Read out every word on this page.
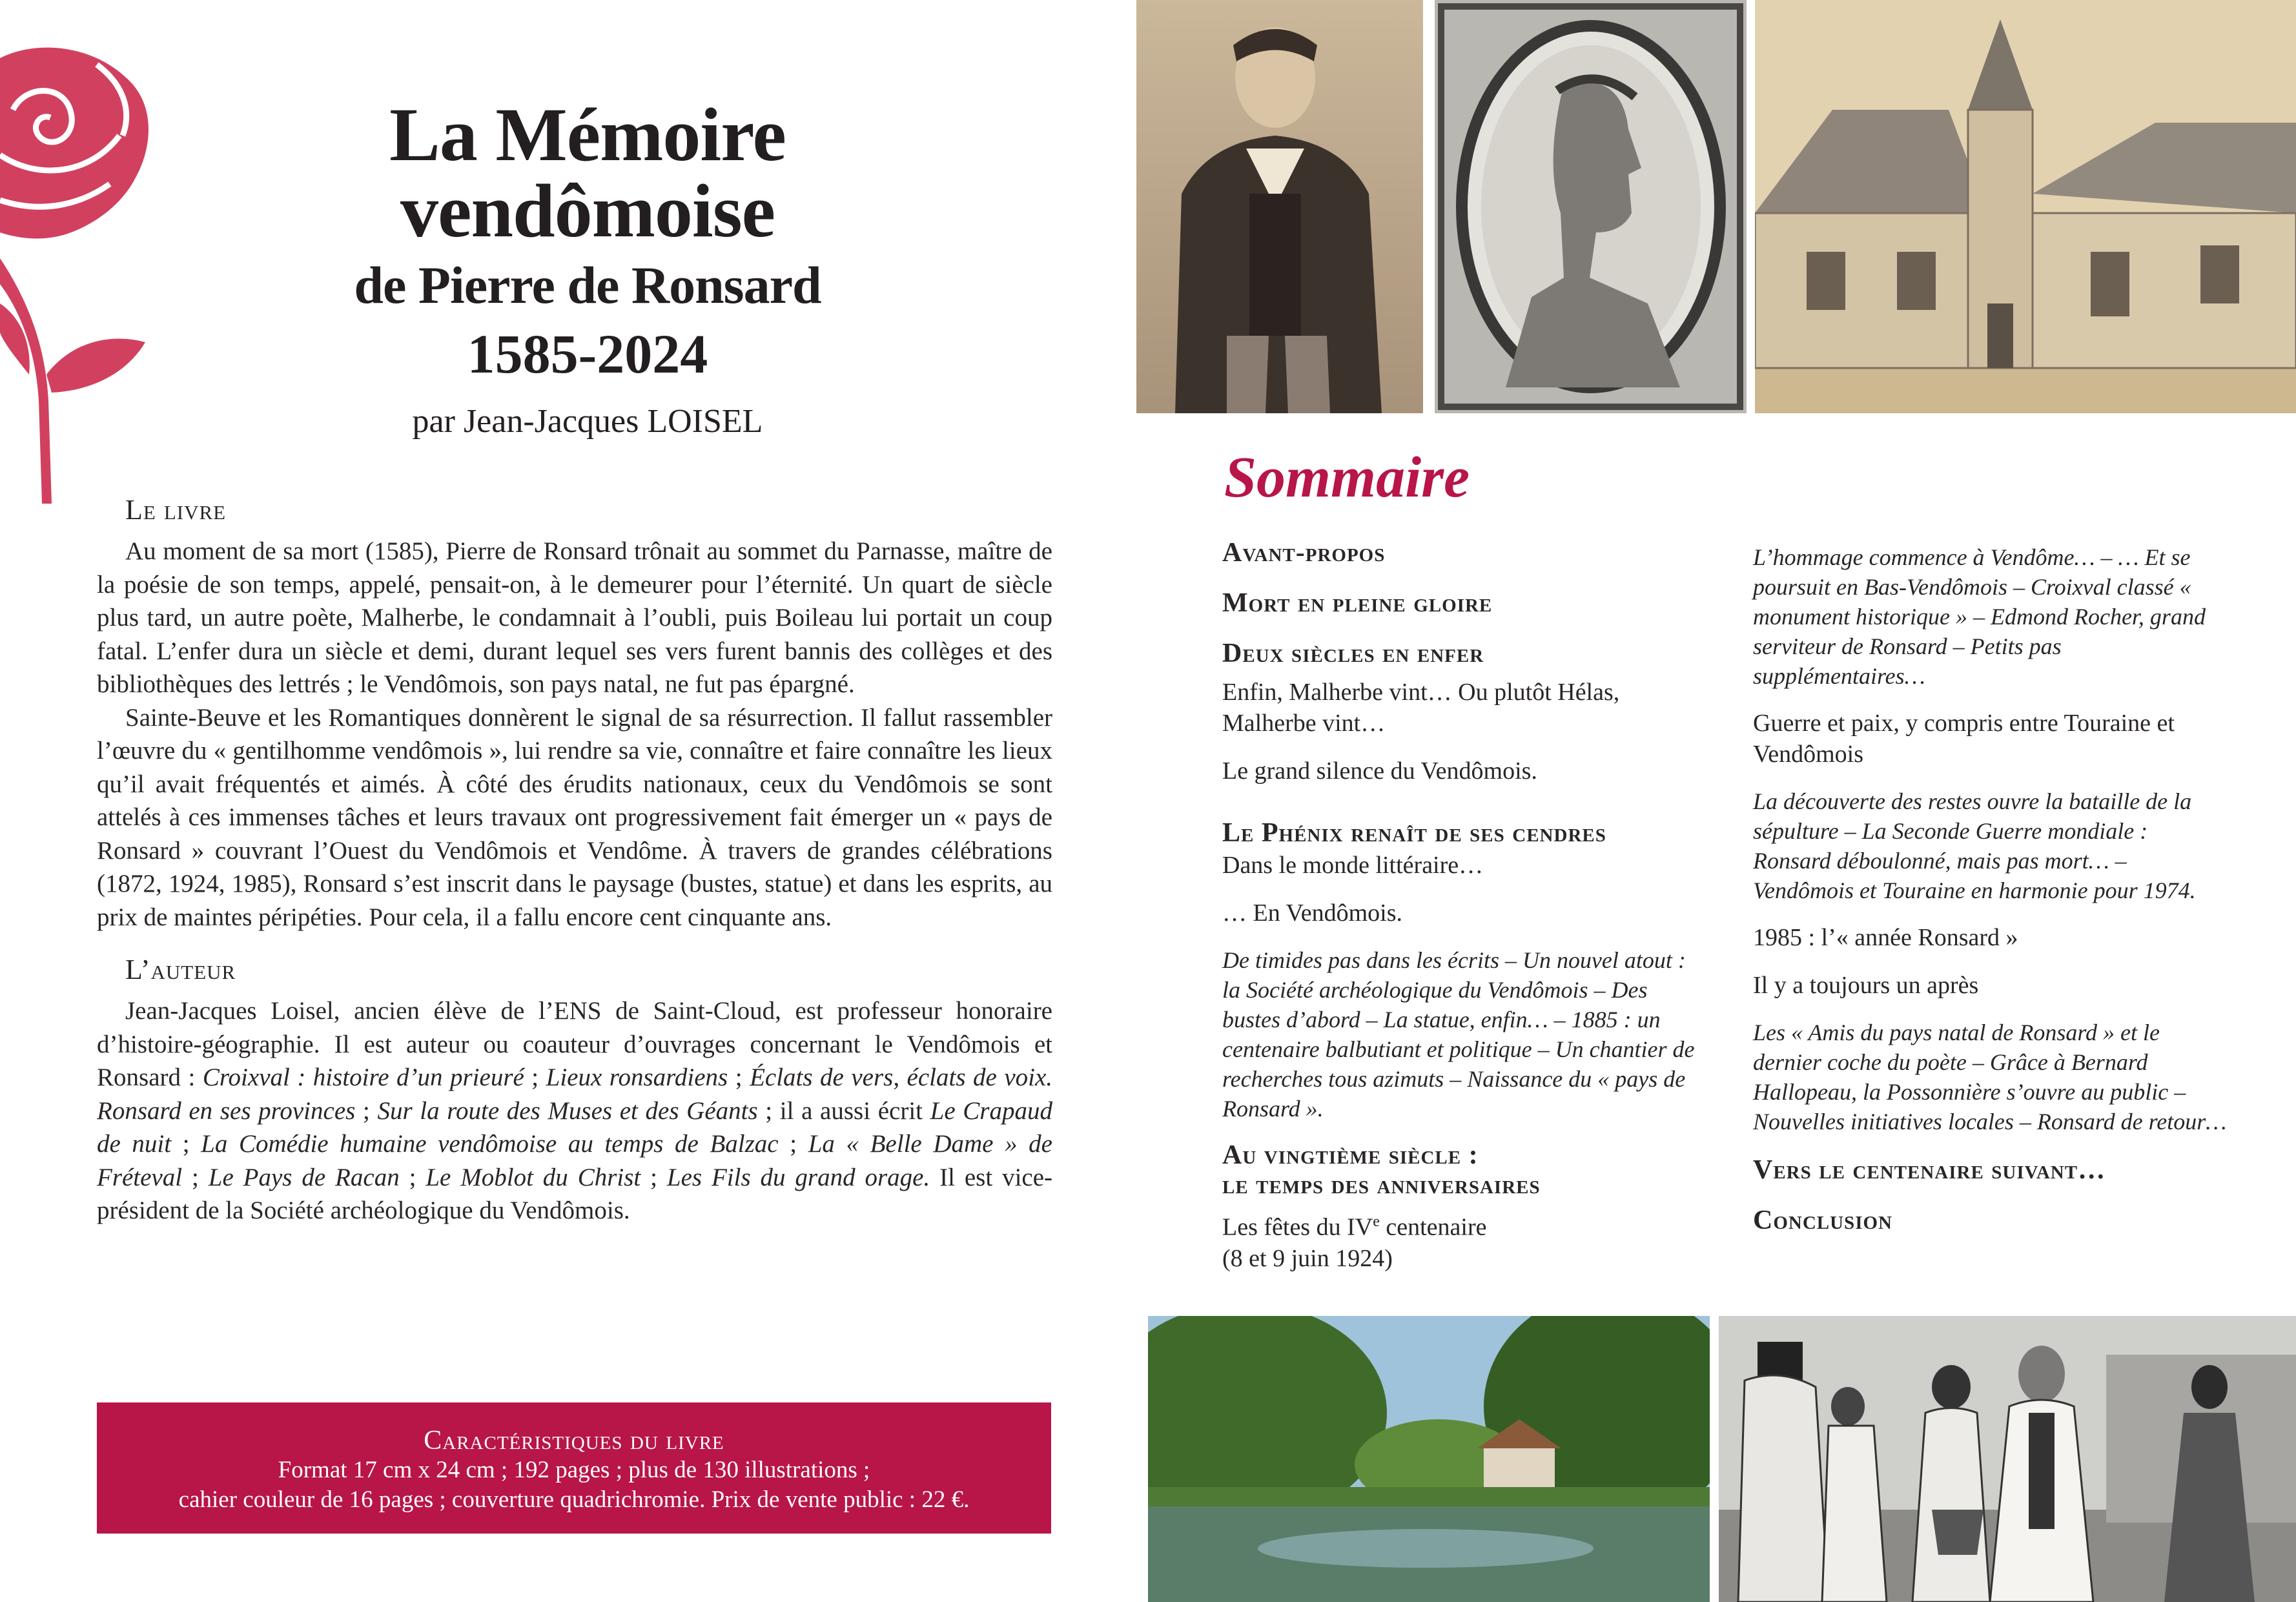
La Mémoire
vendômoise
de Pierre de Ronsard
1585-2024
par Jean-Jacques LOISEL
Le livre

Au moment de sa mort (1585), Pierre de Ronsard trônait au sommet du Parnasse, maître de la poésie de son temps, appelé, pensait-on, à le demeurer pour l’éternité. Un quart de siècle plus tard, un autre poète, Malherbe, le condamnait à l’oubli, puis Boileau lui portait un coup fatal. L’enfer dura un siècle et demi, durant lequel ses vers furent bannis des collèges et des bibliothèques des lettrés ; le Vendômois, son pays natal, ne fut pas épargné.

Sainte-Beuve et les Romantiques donnèrent le signal de sa résurrection. Il fallut rassembler l’œuvre du « gentilhomme vendômois », lui rendre sa vie, connaître et faire connaître les lieux qu’il avait fréquentés et aimés. À côté des érudits nationaux, ceux du Vendômois se sont attelés à ces immenses tâches et leurs travaux ont progressivement fait émerger un « pays de Ronsard » couvrant l’Ouest du Vendômois et Vendôme. À travers de grandes célébrations (1872, 1924, 1985), Ronsard s’est inscrit dans le paysage (bustes, statue) et dans les esprits, au prix de maintes péripéties. Pour cela, il a fallu encore cent cinquante ans.

L’auteur

Jean-Jacques Loisel, ancien élève de l’ENS de Saint-Cloud, est professeur honoraire d’histoire-géographie. Il est auteur ou coauteur d’ouvrages concernant le Vendômois et Ronsard : Croixval : histoire d’un prieuré ; Lieux ronsardiens ; Éclats de vers, éclats de voix. Ronsard en ses provinces ; Sur la route des Muses et des Géants ; il a aussi écrit Le Crapaud de nuit ; La Comédie humaine vendômoise au temps de Balzac ; La « Belle Dame » de Fréteval ; Le Pays de Racan ; Le Moblot du Christ ; Les Fils du grand orage. Il est vice-président de la Société archéologique du Vendômois.

Caractéristiques du livre
Format 17 cm x 24 cm ; 192 pages ; plus de 130 illustrations ;
cahier couleur de 16 pages ; couverture quadrichromie. Prix de vente public : 22 €.
Sommaire
Avant-propos
Mort en pleine gloire
Deux siècles en enfer
Enfin, Malherbe vint… Ou plutôt Hélas, Malherbe vint…
Le grand silence du Vendômois.
Le Phénix renaît de ses cendres
Dans le monde littéraire…
… En Vendômois.
De timides pas dans les écrits – Un nouvel atout : la Société archéologique du Vendômois – Des bustes d’abord – La statue, enfin… – 1885 : un centenaire balbutiant et politique – Un chantier de recherches tous azimuts – Naissance du « pays de Ronsard ».
Au vingtième siècle :
le temps des anniversaires
Les fêtes du IVe centenaire
(8 et 9 juin 1924)
L’hommage commence à Vendôme… – … Et se poursuit en Bas-Vendômois – Croixval classé « monument historique » – Edmond Rocher, grand serviteur de Ronsard – Petits pas supplémentaires…
Guerre et paix, y compris entre Touraine et Vendômois
La découverte des restes ouvre la bataille de la sépulture – La Seconde Guerre mondiale : Ronsard déboulonné, mais pas mort… – Vendômois et Touraine en harmonie pour 1974.
1985 : l’« année Ronsard »
Il y a toujours un après
Les « Amis du pays natal de Ronsard » et le dernier coche du poète – Grâce à Bernard Hallopeau, la Possonnière s’ouvre au public – Nouvelles initiatives locales – Ronsard de retour…
Vers le centenaire suivant…
Conclusion
